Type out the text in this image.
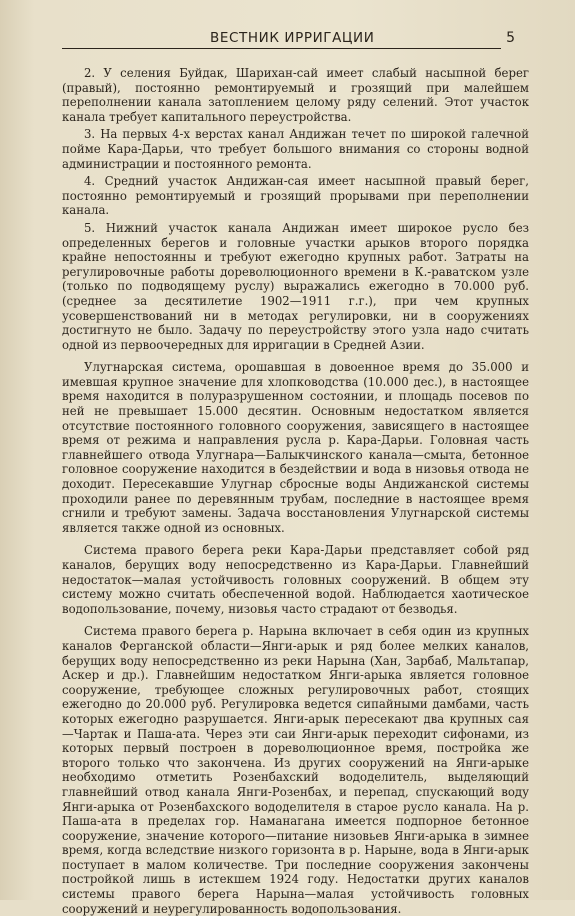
ВЕСТНИК ИРРИГАЦИИ	5

2. У селения Буйдак, Шарихан-сай имеет слабый насыпной берег (правый), постоянно ремонтируемый и грозящий при малейшем переполнении канала затоплением целому ряду селений. Этот участок канала требует капитального переустройства.

3. На первых 4-х верстах канал Андижан течет по широкой галечной пойме Кара-Дарьи, что требует большого внимания со стороны водной администрации и постоянного ремонта.

4. Средний участок Андижан-сая имеет насыпной правый берег, постоянно ремонтируемый и грозящий прорывами при переполнении канала.

5. Нижний участок канала Андижан имеет широкое русло без определенных берегов и головные участки арыков второго порядка крайне непостоянны и требуют ежегодно крупных работ. Затраты на регулировочные работы дореволюционного времени в К.-раватском узле (только по подводящему руслу) выражались ежегодно в 70.000 руб. (среднее за десятилетие 1902—1911 г.г.), при чем крупных усовершенствований ни в методах регулировки, ни в сооружениях достигнуто не было. Задачу по переустройству этого узла надо считать одной из первоочередных для ирригации в Средней Азии.

Улугнарская система, орошавшая в довоенное время до 35.000 и имевшая крупное значение для хлопководства (10.000 дес.), в настоящее время находится в полуразрушенном состоянии, и площадь посевов по ней не превышает 15.000 десятин. Основным недостатком является отсутствие постоянного головного сооружения, зависящего в настоящее время от режима и направления русла р. Кара-Дарьи. Головная часть главнейшего отвода Улугнара—Балыкчинского канала—смыта, бетонное головное сооружение находится в бездействии и вода в низовья отвода не доходит. Пересекавшие Улугнар сбросные воды Андижанской системы проходили ранее по деревянным трубам, последние в настоящее время сгнили и требуют замены. Задача восстановления Улугнарской системы является также одной из основных.

Система правого берега реки Кара-Дарьи представляет собой ряд каналов, берущих воду непосредственно из Кара-Дарьи. Главнейший недостаток—малая устойчивость головных сооружений. В общем эту систему можно считать обеспеченной водой. Наблюдается хаотическое водопользование, почему, низовья часто страдают от безводья.

Система правого берега р. Нарына включает в себя один из крупных каналов Ферганской области—Янги-арык и ряд более мелких каналов, берущих воду непосредственно из реки Нарына (Хан, Зарбаб, Мальтапар, Аскер и др.). Главнейшим недостатком Янги-арыка является головное сооружение, требующее сложных регулировочных работ, стоящих ежегодно до 20.000 руб. Регулировка ведется сипайными дамбами, часть которых ежегодно разрушается. Янги-арык пересекают два крупных сая—Чартак и Паша-ата. Через эти саи Янги-арык переходит сифонами, из которых первый построен в дореволюционное время, постройка же второго только что закончена. Из других сооружений на Янги-арыке необходимо отметить Розенбахский вододелитель, выделяющий главнейший отвод канала Янги-Розенбах, и перепад, спускающий воду Янги-арыка от Розенбахского вододелителя в старое русло канала. На р. Паша-ата в пределах гор. Наманагана имеется подпорное бетонное сооружение, значение которого—питание низовьев Янги-арыка в зимнее время, когда вследствие низкого горизонта в р. Нарыне, вода в Янги-арык поступает в малом количестве. Три последние сооружения закончены постройкой лишь в истекшем 1924 году. Недостатки других каналов системы правого берега Нарына—малая устойчивость головных сооружений и неурегулированность водопользования.
